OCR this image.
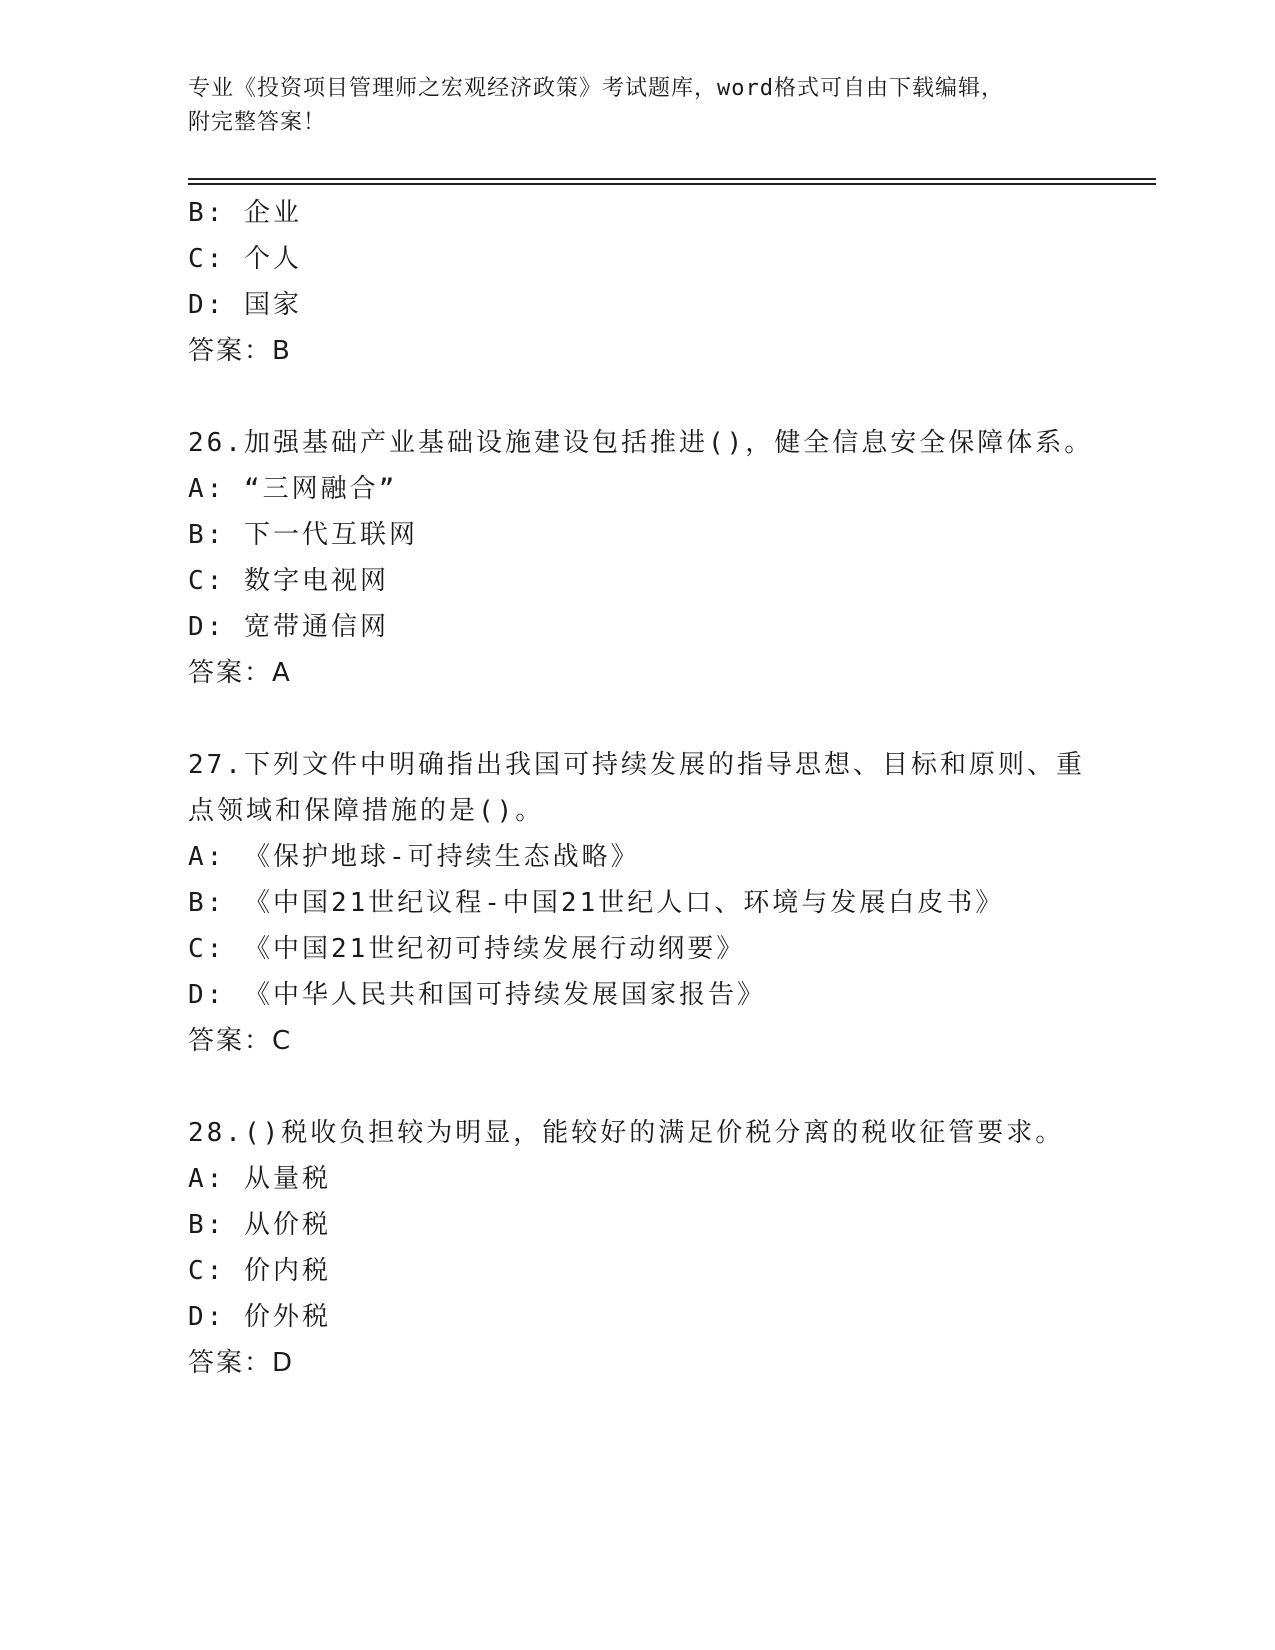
专业《投资项目管理师之宏观经济政策》考试题库，word格式可自由下载编辑，
附完整答案！
B: 企业
C: 个人
D: 国家
答案：B
26.加强基础产业基础设施建设包括推进()，健全信息安全保障体系。
A: “三网融合”
B: 下一代互联网
C: 数字电视网
D: 宽带通信网
答案：A
27.下列文件中明确指出我国可持续发展的指导思想、目标和原则、重
点领域和保障措施的是()。
A: 《保护地球-可持续生态战略》
B: 《中国21世纪议程-中国21世纪人口、环境与发展白皮书》
C: 《中国21世纪初可持续发展行动纲要》
D: 《中华人民共和国可持续发展国家报告》
答案：C
28.()税收负担较为明显，能较好的满足价税分离的税收征管要求。
A: 从量税
B: 从价税
C: 价内税
D: 价外税
答案：D
